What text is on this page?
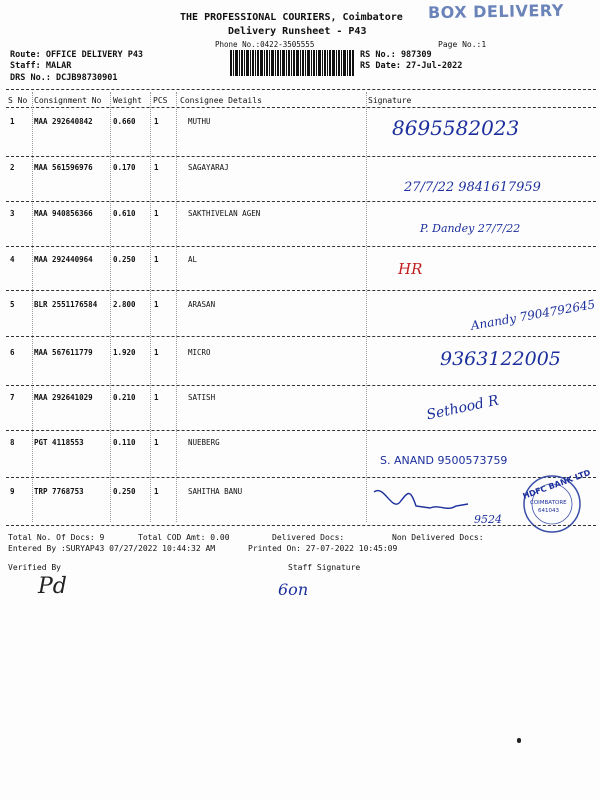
THE PROFESSIONAL COURIERS, Coimbatore BOX DELIVERY
Delivery Runsheet - P43
Phone No.:0422-3505555	Page No.:1
Route: OFFICE DELIVERY P43
Staff: MALAR
DRS No.: DCJB98730901
RS No.: 987309
RS Date: 27-Jul-2022
S No Consignment No Weight PCS Consignee Details	Signature
1	MAA 292640842	0.660 1	MUTHU	8695582023
2	MAA 561596976	0.170 1	SAGAYARAJ
27/7/22 9841617959
3	MAA 940856366	0.610 1	SAKTHIVELAN AGEN
P. Dandey 27/7/22
4	MAA 292440964	0.250 1	AL
HR
5	BLR 2551176584 2.800 1	ARASAN	Anandy 7904792645
6	MAA 567611779	1.920 1	MICRO	9363122005
7	MAA 292641029	0.210 1	SATISH	Sethood R
8	PGT 4118553	0.110 1	NUEBERG
S. ANAND 9500573759
9	TRP 7768753	0.250 1	SAHITHA BANU
9524
HDFC BANK LTD
COIMBATORE
641043
Total No. Of Docs: 9	Total COD Amt: 0.00	Delivered Docs:	Non Delivered Docs:
Entered By :SURYAP43 07/27/2022 10:44:32 AM	Printed On: 27-07-2022 10:45:09
Verified By	Staff Signature
Pd	6on
